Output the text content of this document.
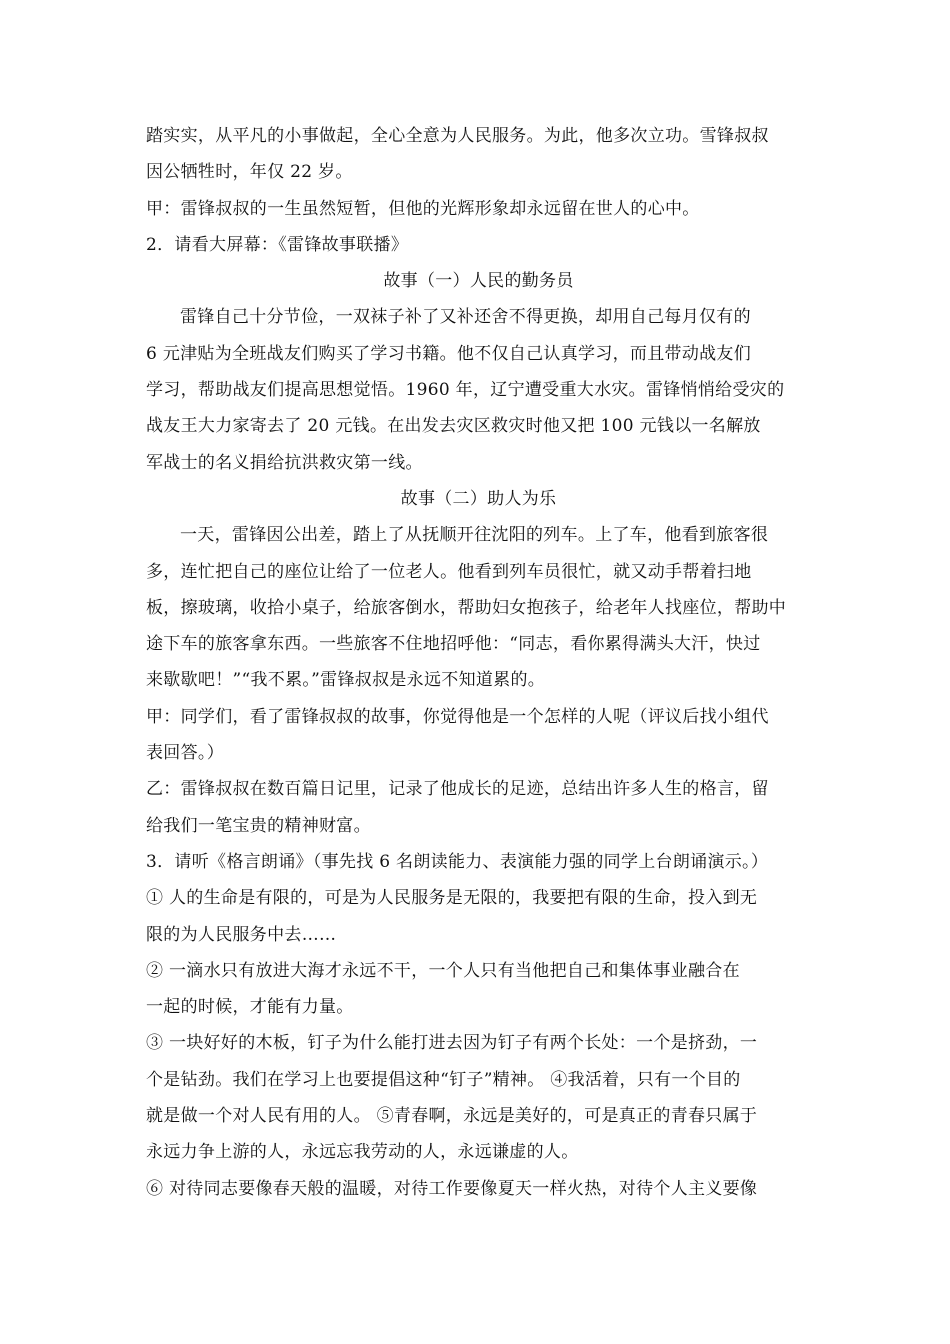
踏实实，从平凡的小事做起，全心全意为人民服务。为此，他多次立功。雪锋叔叔
因公牺牲时，年仅 22 岁。
甲：雷锋叔叔的一生虽然短暂，但他的光辉形象却永远留在世人的心中。
2．请看大屏幕：《雷锋故事联播》
故事（一）人民的勤务员
雷锋自己十分节俭，一双袜子补了又补还舍不得更换，却用自己每月仅有的
6 元津贴为全班战友们购买了学习书籍。他不仅自己认真学习，而且带动战友们
学习，帮助战友们提高思想觉悟。1960 年，辽宁遭受重大水灾。雷锋悄悄给受灾的
战友王大力家寄去了 20 元钱。在出发去灾区救灾时他又把 100 元钱以一名解放
军战士的名义捐给抗洪救灾第一线。
故事（二）助人为乐
一天，雷锋因公出差，踏上了从抚顺开往沈阳的列车。上了车，他看到旅客很
多，连忙把自己的座位让给了一位老人。他看到列车员很忙，就又动手帮着扫地
板，擦玻璃，收拾小桌子，给旅客倒水，帮助妇女抱孩子，给老年人找座位，帮助中
途下车的旅客拿东西。一些旅客不住地招呼他：“同志，看你累得满头大汗，快过
来歇歇吧！”“我不累。”雷锋叔叔是永远不知道累的。
甲：同学们，看了雷锋叔叔的故事，你觉得他是一个怎样的人呢（评议后找小组代
表回答。）
乙：雷锋叔叔在数百篇日记里，记录了他成长的足迹，总结出许多人生的格言，留
给我们一笔宝贵的精神财富。
3．请听《格言朗诵》（事先找 6 名朗读能力、表演能力强的同学上台朗诵演示。）
① 人的生命是有限的，可是为人民服务是无限的，我要把有限的生命，投入到无
限的为人民服务中去……
② 一滴水只有放进大海才永远不干，一个人只有当他把自己和集体事业融合在
一起的时候，才能有力量。
③ 一块好好的木板，钉子为什么能打进去因为钉子有两个长处：一个是挤劲，一
个是钻劲。我们在学习上也要提倡这种“钉子”精神。 ④我活着，只有一个目的
就是做一个对人民有用的人。 ⑤青春啊，永远是美好的，可是真正的青春只属于
永远力争上游的人，永远忘我劳动的人，永远谦虚的人。
⑥ 对待同志要像春天般的温暖，对待工作要像夏天一样火热，对待个人主义要像
